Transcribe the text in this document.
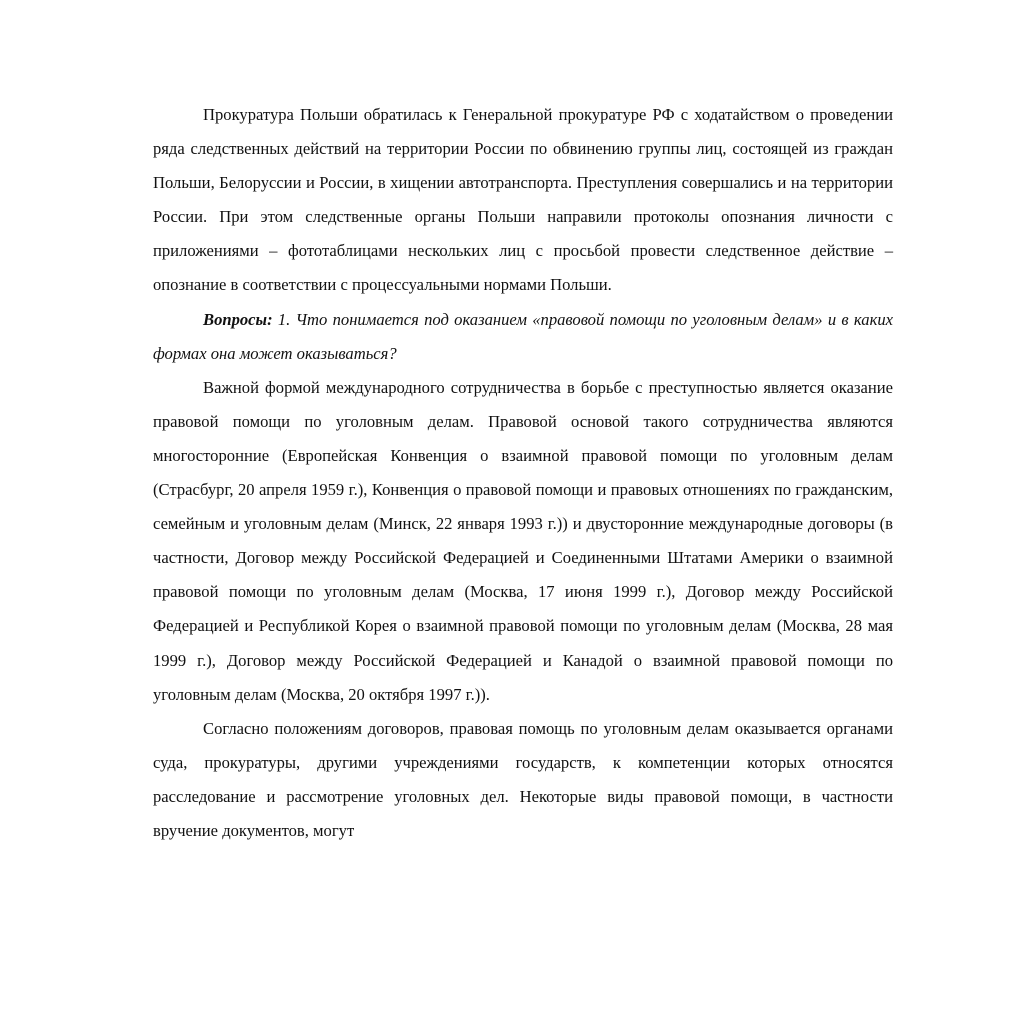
Прокуратура Польши обратилась к Генеральной прокуратуре РФ с ходатайством о проведении ряда следственных действий на территории России по обвинению группы лиц, состоящей из граждан Польши, Белоруссии и России, в хищении автотранспорта. Преступления совершались и на территории России. При этом следственные органы Польши направили протоколы опознания личности с приложениями – фототаблицами нескольких лиц с просьбой провести следственное действие – опознание в соответствии с процессуальными нормами Польши.

Вопросы: 1. Что понимается под оказанием «правовой помощи по уголовным делам» и в каких формах она может оказываться?

Важной формой международного сотрудничества в борьбе с преступностью является оказание правовой помощи по уголовным делам. Правовой основой такого сотрудничества являются многосторонние (Европейская Конвенция о взаимной правовой помощи по уголовным делам (Страсбург, 20 апреля 1959 г.), Конвенция о правовой помощи и правовых отношениях по гражданским, семейным и уголовным делам (Минск, 22 января 1993 г.)) и двусторонние международные договоры (в частности, Договор между Российской Федерацией и Соединенными Штатами Америки о взаимной правовой помощи по уголовным делам (Москва, 17 июня 1999 г.), Договор между Российской Федерацией и Республикой Корея о взаимной правовой помощи по уголовным делам (Москва, 28 мая 1999 г.), Договор между Российской Федерацией и Канадой о взаимной правовой помощи по уголовным делам (Москва, 20 октября 1997 г.)).

Согласно положениям договоров, правовая помощь по уголовным делам оказывается органами суда, прокуратуры, другими учреждениями государств, к компетенции которых относятся расследование и рассмотрение уголовных дел. Некоторые виды правовой помощи, в частности вручение документов, могут
